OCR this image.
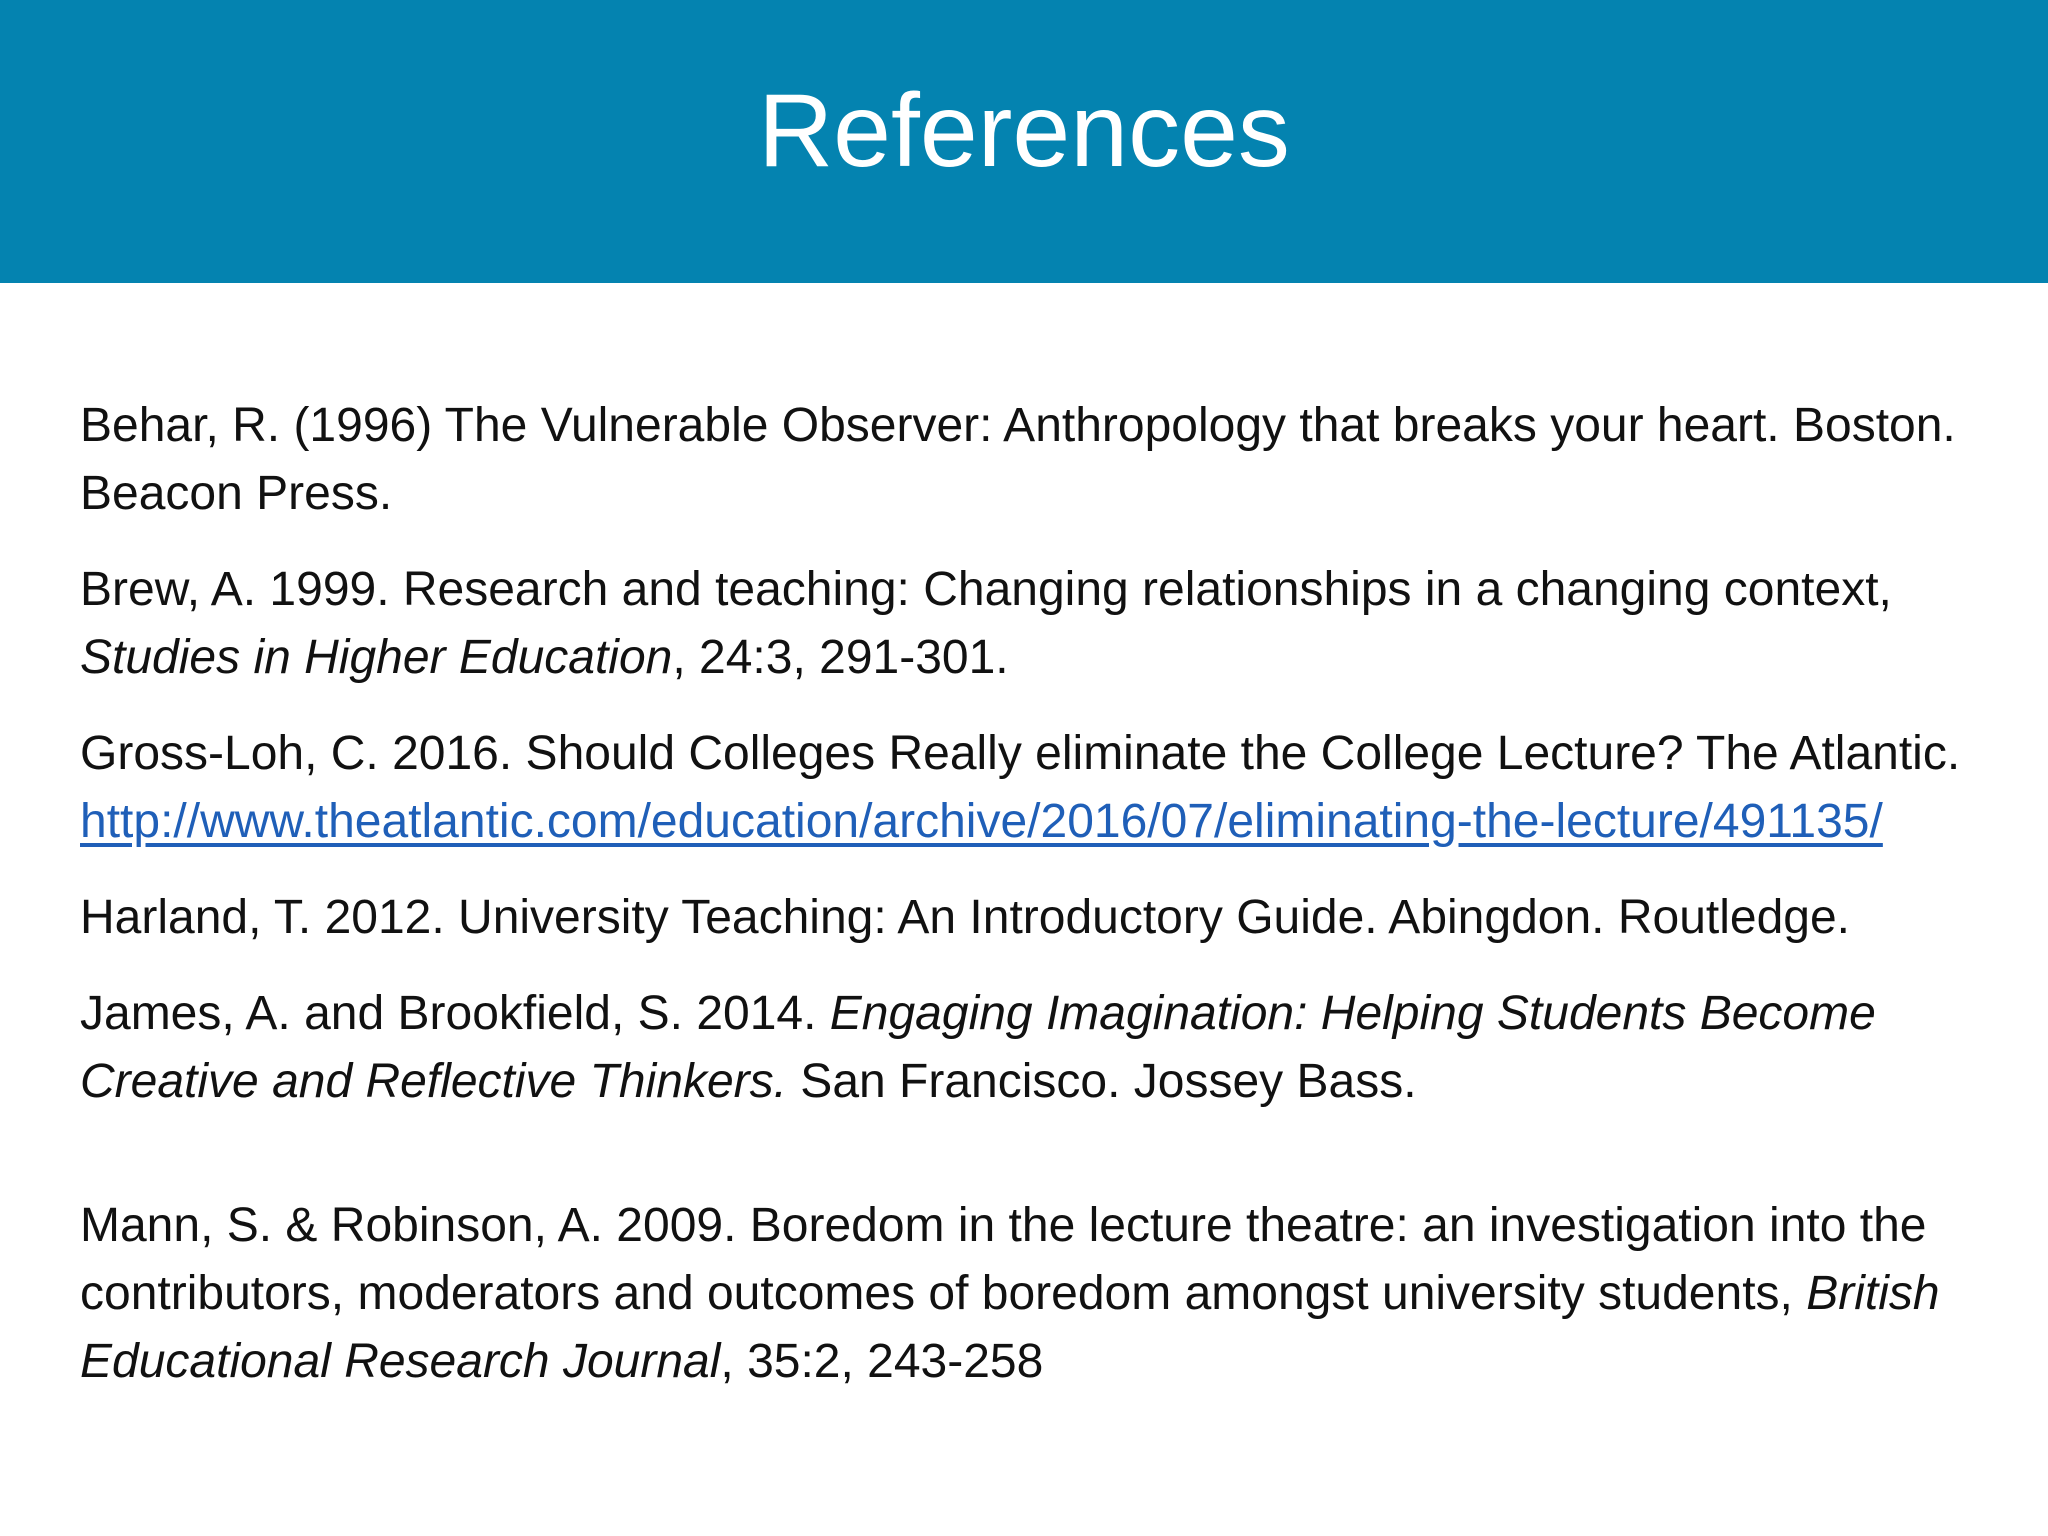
References

Behar, R. (1996) The Vulnerable Observer: Anthropology that breaks your heart. Boston. Beacon Press.

Brew, A. 1999. Research and teaching: Changing relationships in a changing context, Studies in Higher Education, 24:3, 291-301.

Gross-Loh, C. 2016. Should Colleges Really eliminate the College Lecture? The Atlantic. http://www.theatlantic.com/education/archive/2016/07/eliminating-the-lecture/491135/

Harland, T. 2012. University Teaching: An Introductory Guide. Abingdon. Routledge.

James, A. and Brookfield, S. 2014. Engaging Imagination: Helping Students Become Creative and Reflective Thinkers. San Francisco. Jossey Bass.

Mann, S. & Robinson, A. 2009. Boredom in the lecture theatre: an investigation into the contributors, moderators and outcomes of boredom amongst university students, British Educational Research Journal, 35:2, 243-258
